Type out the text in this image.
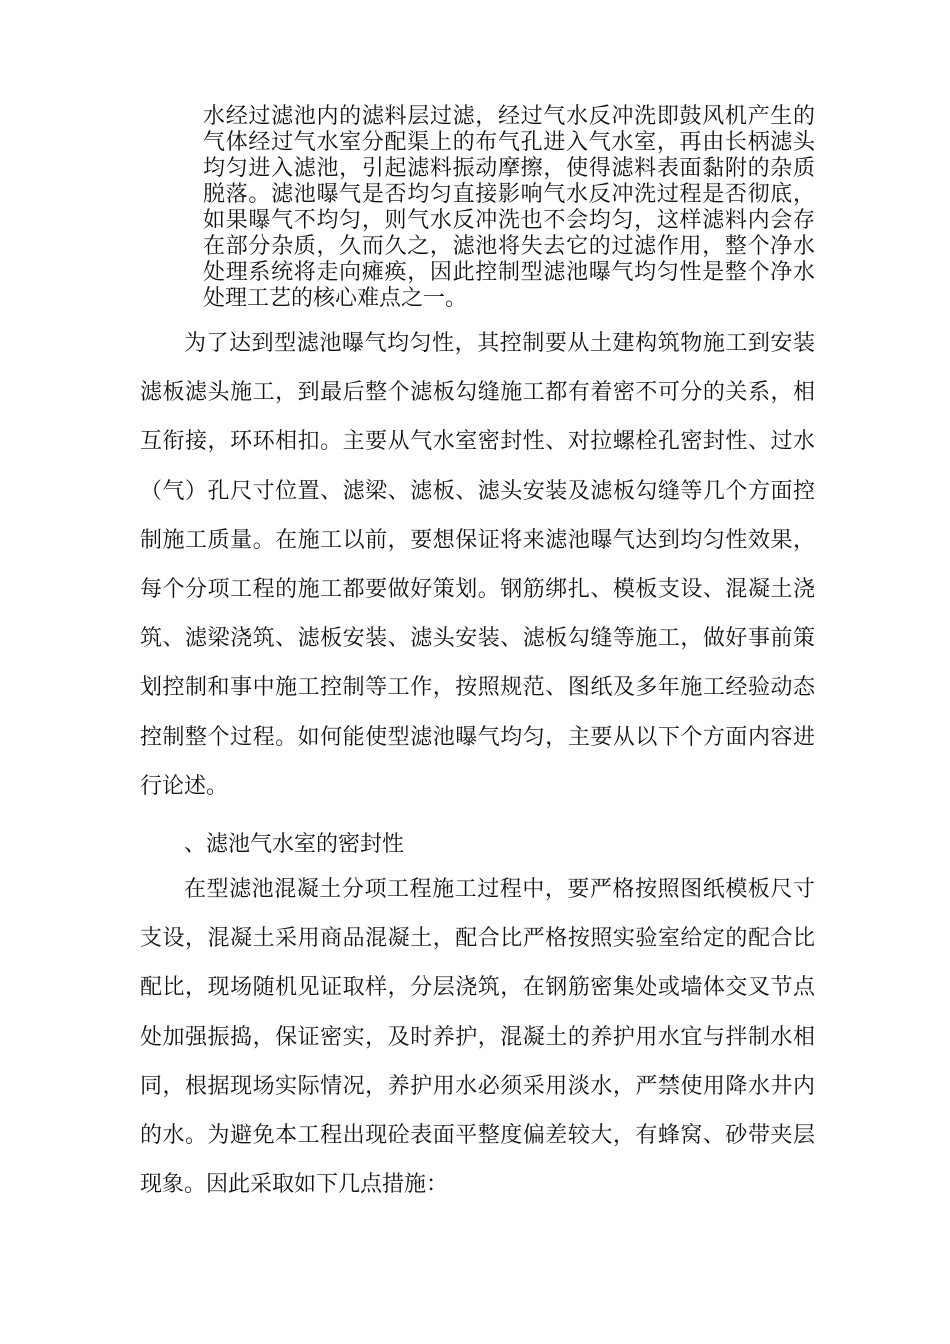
水经过滤池内的滤料层过滤，经过气水反冲洗即鼓风机产生的
气体经过气水室分配渠上的布气孔进入气水室，再由长柄滤头
均匀进入滤池，引起滤料振动摩擦，使得滤料表面黏附的杂质
脱落。滤池曝气是否均匀直接影响气水反冲洗过程是否彻底，
如果曝气不均匀，则气水反冲洗也不会均匀，这样滤料内会存
在部分杂质，久而久之，滤池将失去它的过滤作用，整个净水
处理系统将走向瘫痪，因此控制型滤池曝气均匀性是整个净水
处理工艺的核心难点之一。
为了达到型滤池曝气均匀性，其控制要从土建构筑物施工到安装
滤板滤头施工，到最后整个滤板勾缝施工都有着密不可分的关系，相
互衔接，环环相扣。主要从气水室密封性、对拉螺栓孔密封性、过水
（气）孔尺寸位置、滤梁、滤板、滤头安装及滤板勾缝等几个方面控
制施工质量。在施工以前，要想保证将来滤池曝气达到均匀性效果，
每个分项工程的施工都要做好策划。钢筋绑扎、模板支设、混凝土浇
筑、滤梁浇筑、滤板安装、滤头安装、滤板勾缝等施工，做好事前策
划控制和事中施工控制等工作，按照规范、图纸及多年施工经验动态
控制整个过程。如何能使型滤池曝气均匀，主要从以下个方面内容进
行论述。
、滤池气水室的密封性
在型滤池混凝土分项工程施工过程中，要严格按照图纸模板尺寸
支设，混凝土采用商品混凝土，配合比严格按照实验室给定的配合比
配比，现场随机见证取样，分层浇筑，在钢筋密集处或墙体交叉节点
处加强振捣，保证密实，及时养护，混凝土的养护用水宜与拌制水相
同，根据现场实际情况，养护用水必须采用淡水，严禁使用降水井内
的水。为避免本工程出现砼表面平整度偏差较大，有蜂窝、砂带夹层
现象。因此采取如下几点措施：
